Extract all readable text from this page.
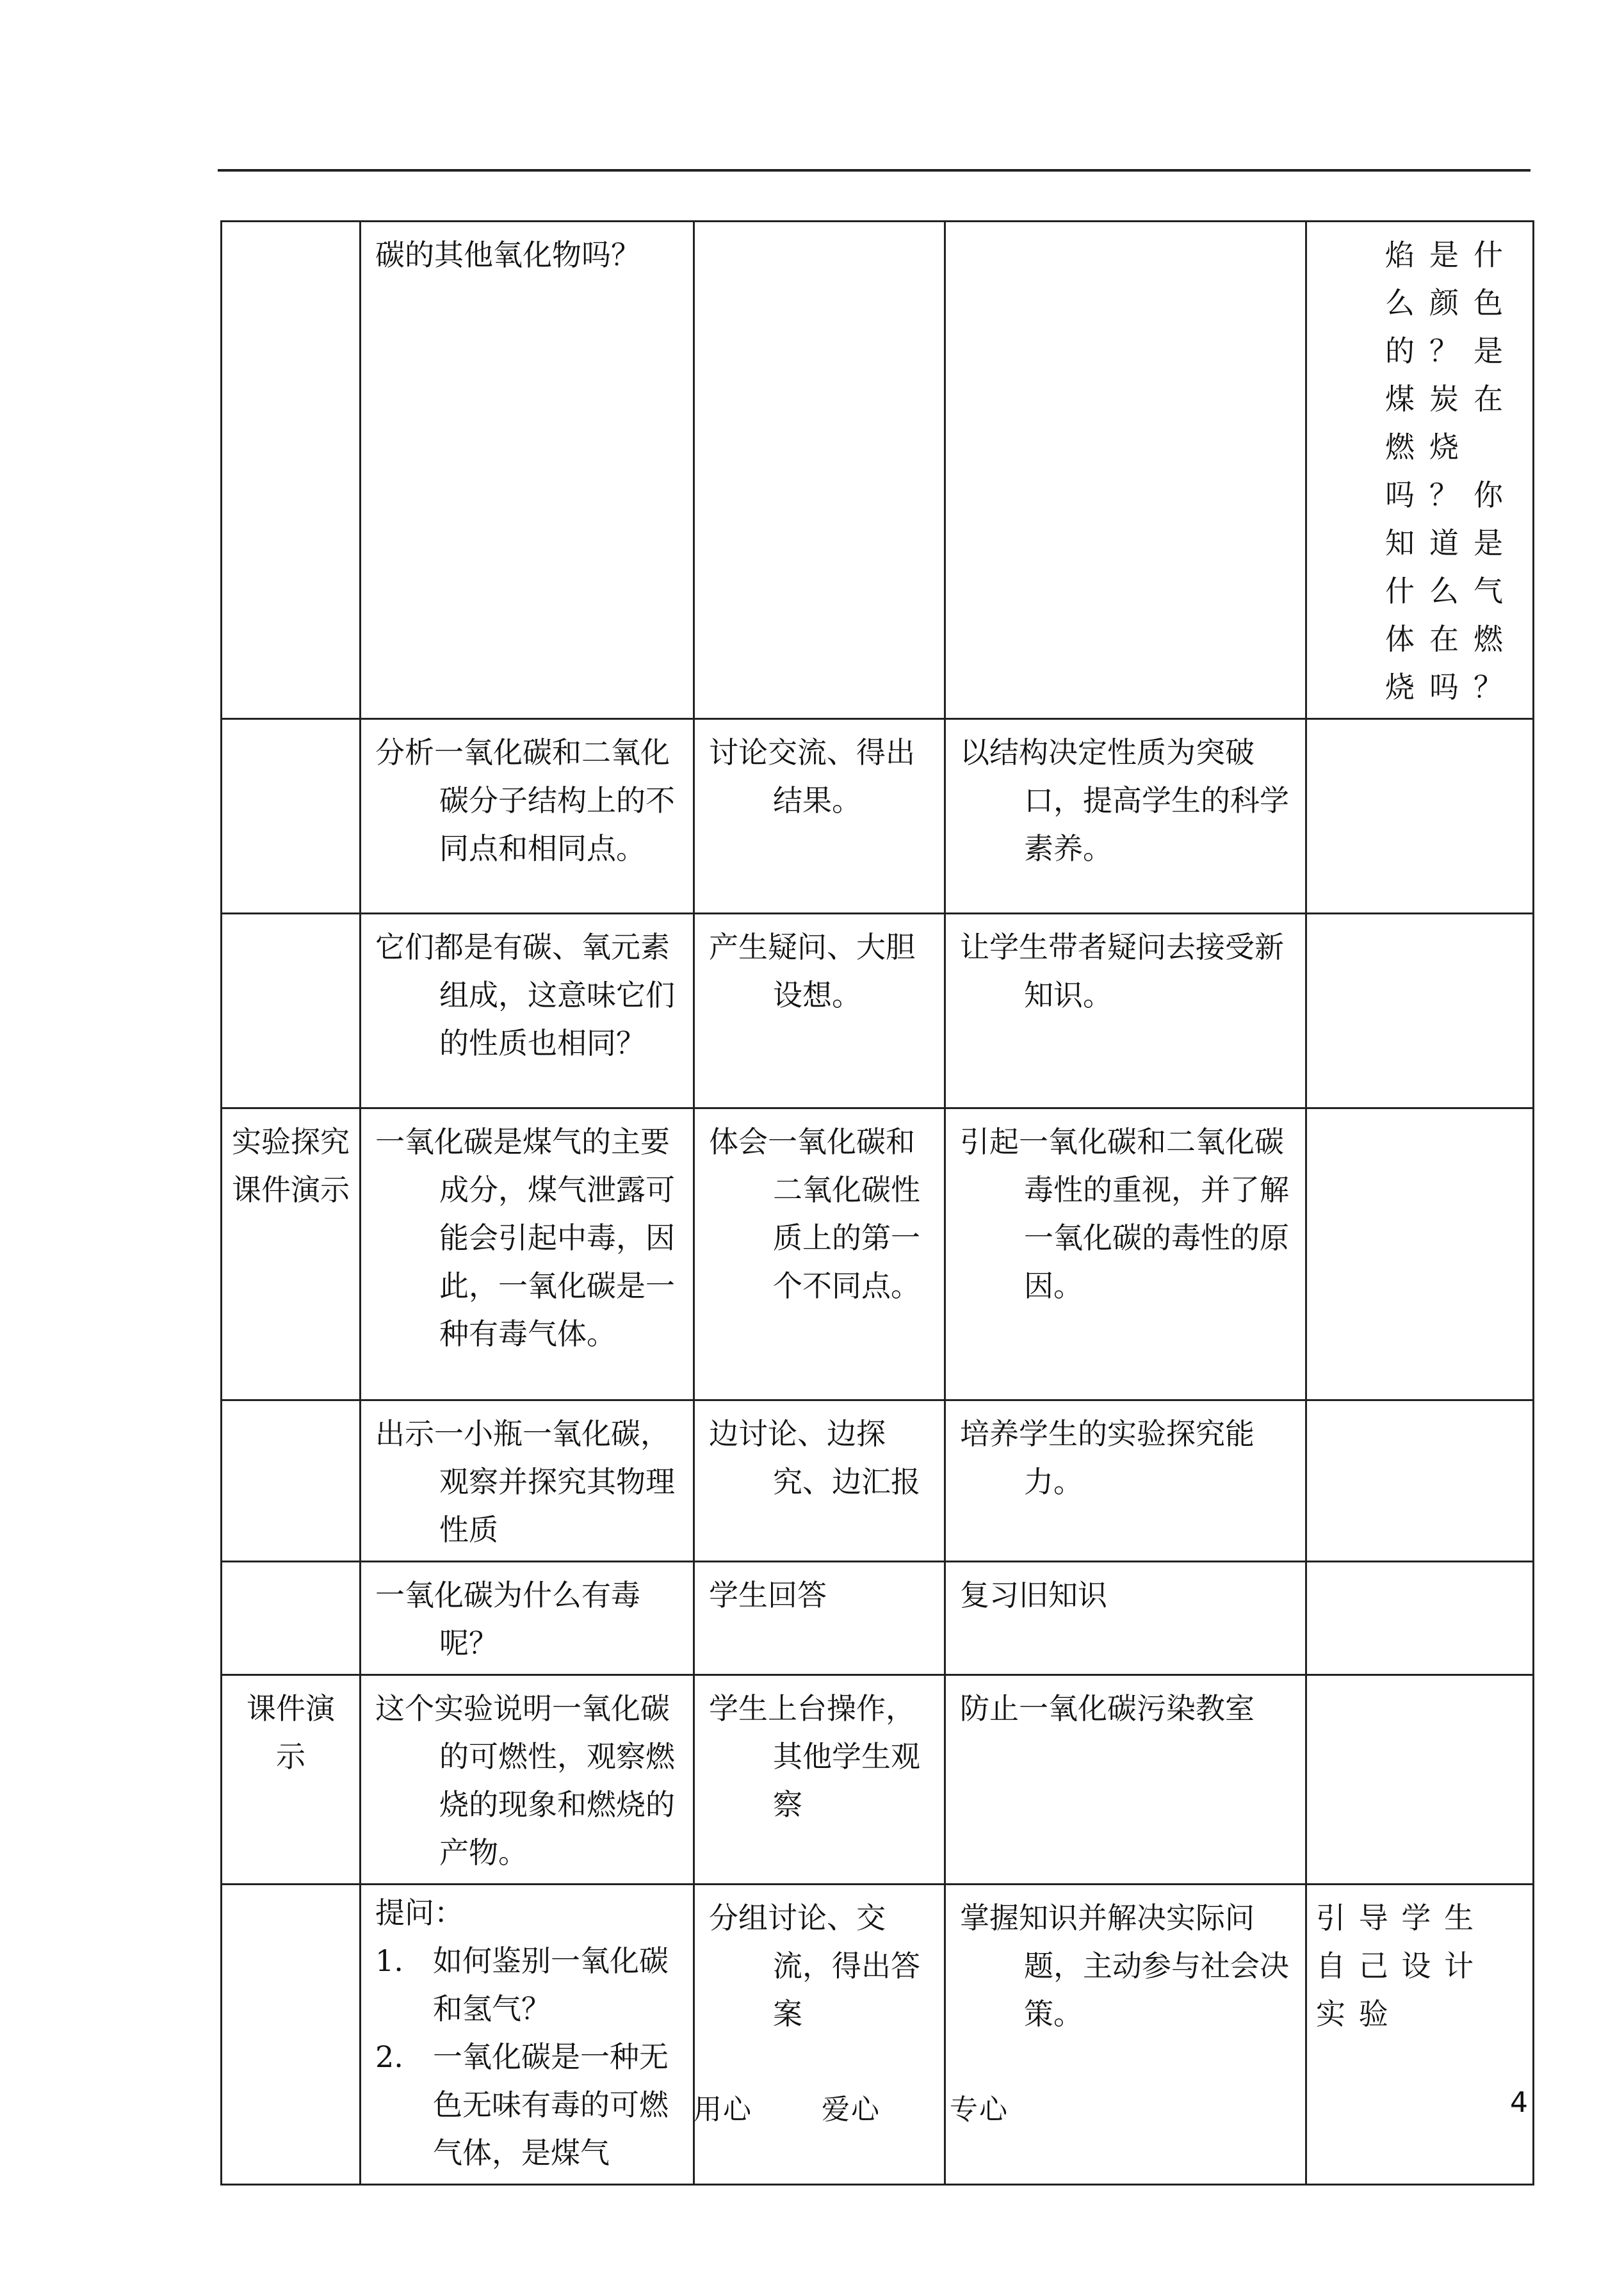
	碳的其他氧化物吗？			焰是什么颜色的？是煤炭在燃烧吗？你知道是什么气体在燃烧吗？

	分析一氧化碳和二氧化碳分子结构上的不同点和相同点。	讨论交流、得出结果。	以结构决定性质为突破口，提高学生的科学素养。	

	它们都是有碳、氧元素组成，这意味它们的性质也相同？	产生疑问、大胆设想。	让学生带者疑问去接受新知识。	

实验探究课件演示	一氧化碳是煤气的主要成分，煤气泄露可能会引起中毒，因此，一氧化碳是一种有毒气体。	体会一氧化碳和二氧化碳性质上的第一个不同点。	引起一氧化碳和二氧化碳毒性的重视，并了解一氧化碳的毒性的原因。	

	出示一小瓶一氧化碳，观察并探究其物理性质	边讨论、边探究、边汇报	培养学生的实验探究能力。	

	一氧化碳为什么有毒呢？	学生回答	复习旧知识	

课件演示	这个实验说明一氧化碳的可燃性，观察燃烧的现象和燃烧的产物。	学生上台操作，其他学生观察	防止一氧化碳污染教室	

	提问：
1. 如何鉴别一氧化碳和氢气？
2. 一氧化碳是一种无色无味有毒的可燃气体，是煤气	分组讨论、交流，得出答案	掌握知识并解决实际问题，主动参与社会决策。	引导学生自己设计实验
用心 爱心 专心	4
